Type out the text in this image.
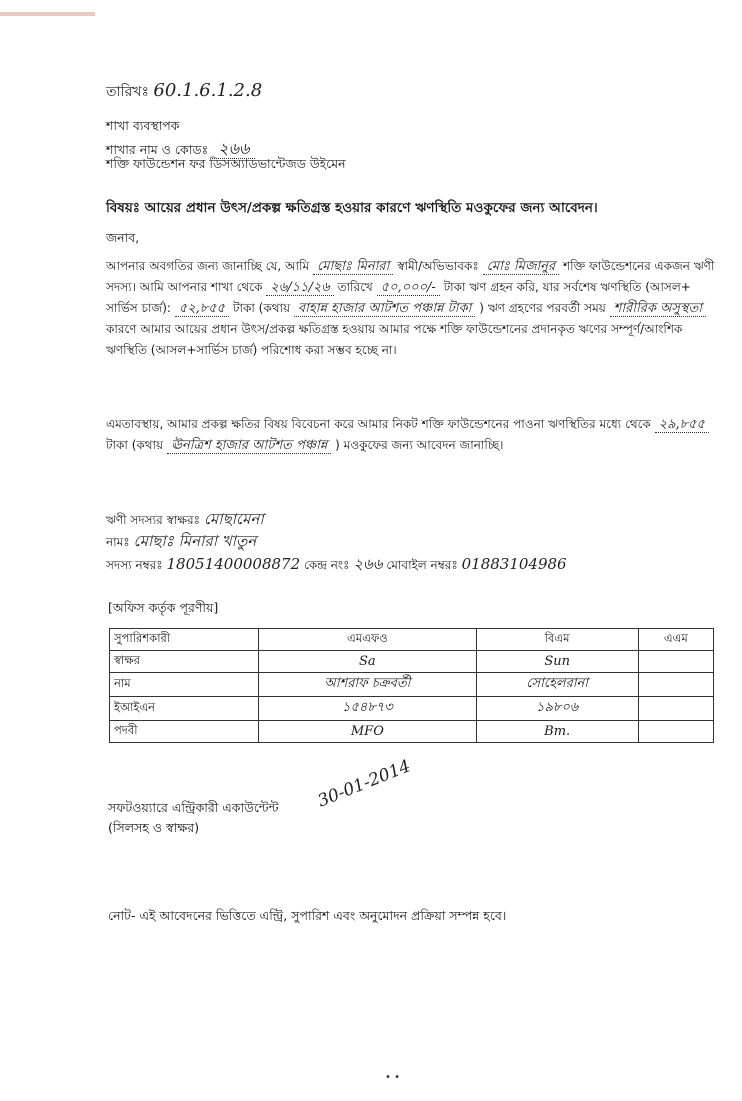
তারিখঃ 60.1.6.1.2.8
শাখা ব্যবস্থাপক
শাখার নাম ও কোডঃ ২৬৬
শক্তি ফাউন্ডেশন ফর ডিসঅ্যাডভান্টেজড উইমেন
বিষয়ঃ আয়ের প্রধান উৎস/প্রকল্প ক্ষতিগ্রস্ত হওয়ার কারণে ঋণস্থিতি মওকুফের জন্য আবেদন।
জনাব,
আপনার অবগতির জন্য জানাচ্ছি যে, আমি মোছাঃ মিনারা স্বামী/অভিভাবকঃ মোঃ মিজানুর শক্তি ফাউন্ডেশনের একজন ঋণী সদস্য। আমি আপনার শাখা থেকে ২৬/১১/২৬ তারিখে ৫০,০০০/- টাকা ঋণ গ্রহন করি, যার সর্বশেষ ঋণস্থিতি (আসল+ সার্ভিস চার্জ): ৫২,৮৫৫ টাকা (কথায় বাহান্ন হাজার আটশত পঞ্চান্ন টাকা ) ঋণ গ্রহণের পরবর্তী সময় শারীরিক অসুস্থতা কারণে আমার আয়ের প্রধান উৎস/প্রকল্প ক্ষতিগ্রস্ত হওয়ায় আমার পক্ষে শক্তি ফাউন্ডেশনের প্রদানকৃত ঋণের সম্পূর্ণ/আংশিক ঋণস্থিতি (আসল+সার্ভিস চার্জ) পরিশোধ করা সম্ভব হচ্ছে না।
এমতাবস্থায়, আমার প্রকল্প ক্ষতির বিষয় বিবেচনা করে আমার নিকট শক্তি ফাউন্ডেশনের পাওনা ঋণস্থিতির মধ্যে থেকে ২৯,৮৫৫ টাকা (কথায় ঊনত্রিশ হাজার আটশত পঞ্চান্ন ) মওকুফের জন্য আবেদন জানাচ্ছি।
ঋণী সদস্যর স্বাক্ষরঃ মোছামেনা
নামঃ মোছাঃ মিনারা খাতুন
সদস্য নম্বরঃ 18051400008872 কেন্দ্র নংঃ ২৬৬ মোবাইল নম্বরঃ 01883104986
[অফিস কর্তৃক পূরণীয়]
সুপারিশকারী	এমএফও	বিএম	এএম
স্বাক্ষর	Sa	Sun	
নাম	আশরাফ চক্রবর্তী	সোহেলরানা	
ইআইএন	১৫৪৮৭৩	১৯৮০৬	
পদবী	MFO	Bm.	
সফটওয়্যারে এন্ট্রিকারী একাউন্টেন্ট
(সিলসহ ও স্বাক্ষর)
30-01-2014
নোট- এই আবেদনের ভিত্তিতে এন্ট্রি, সুপারিশ এবং অনুমোদন প্রক্রিয়া সম্পন্ন হবে।
• •
